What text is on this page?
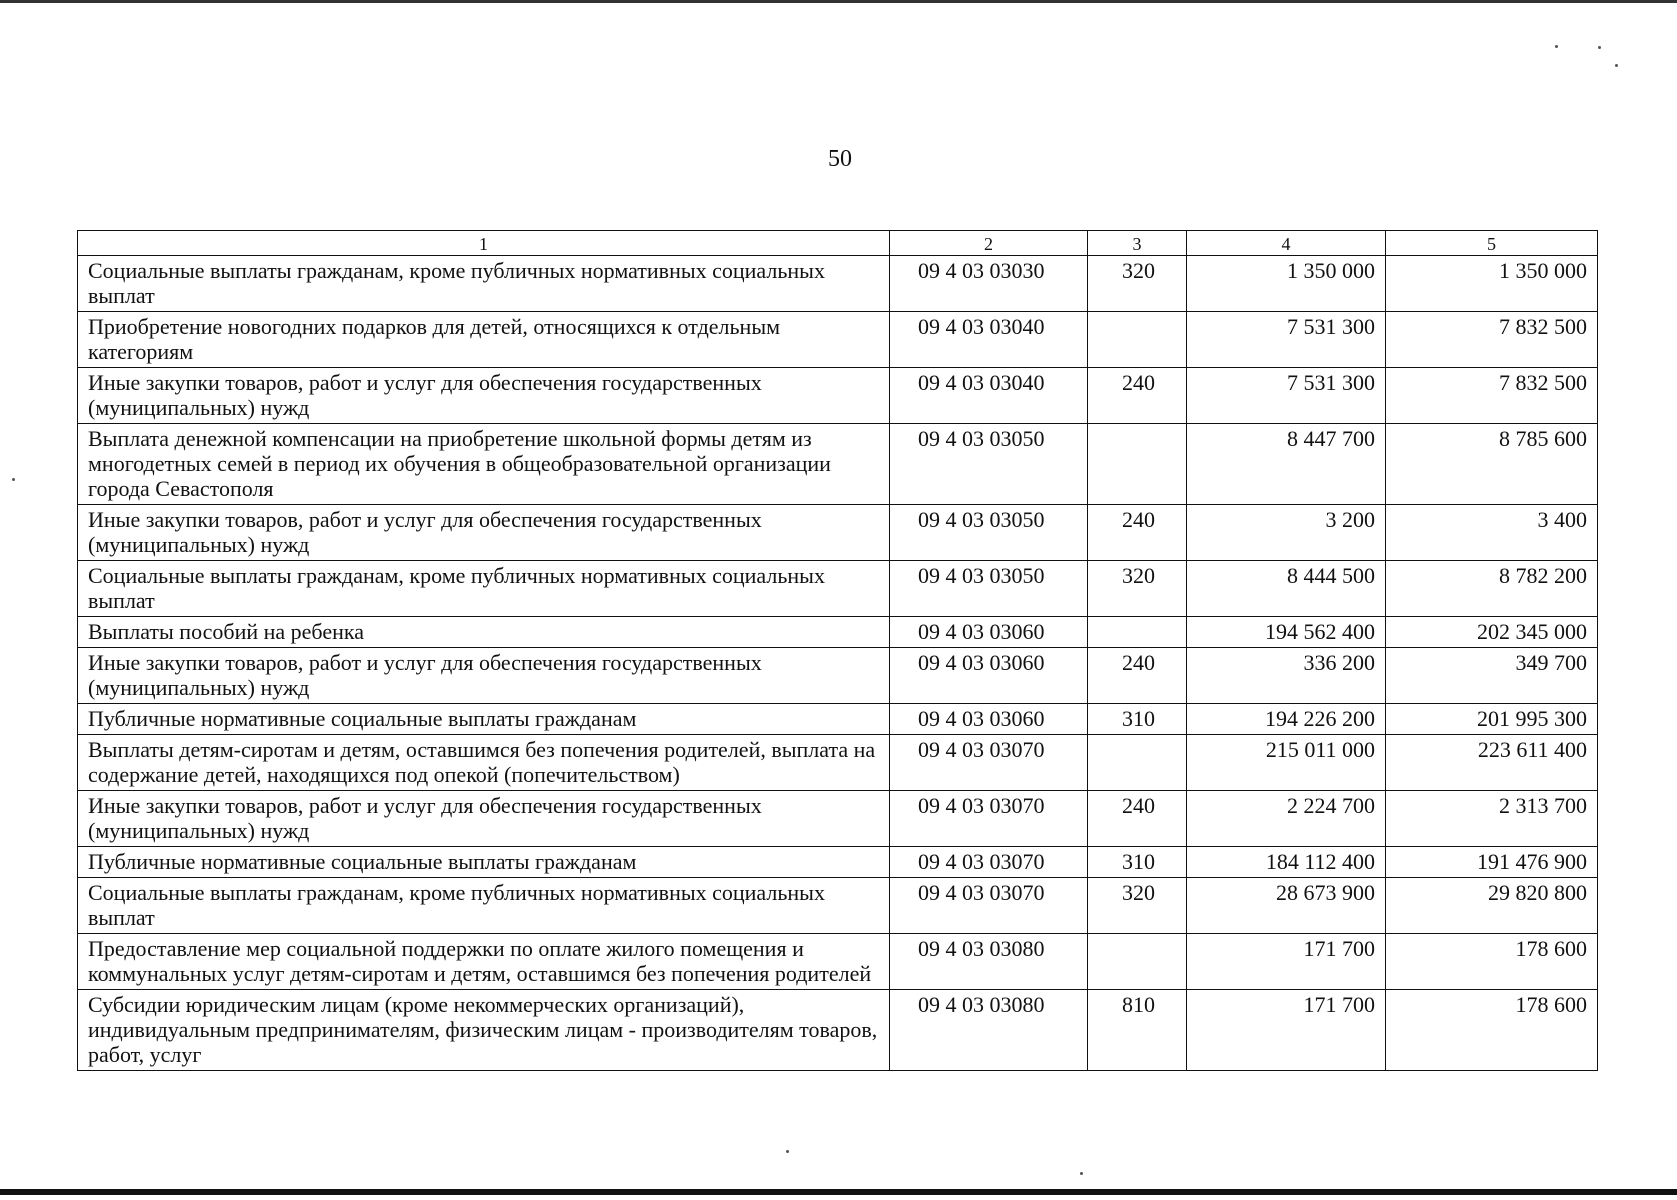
50
1	2	3	4	5
Социальные выплаты гражданам, кроме публичных нормативных социальных выплат	09 4 03 03030	320	1 350 000	1 350 000
Приобретение новогодних подарков для детей, относящихся к отдельным категориям	09 4 03 03040		7 531 300	7 832 500
Иные закупки товаров, работ и услуг для обеспечения государственных (муниципальных) нужд	09 4 03 03040	240	7 531 300	7 832 500
Выплата денежной компенсации на приобретение школьной формы детям из многодетных семей в период их обучения в общеобразовательной организации города Севастополя	09 4 03 03050		8 447 700	8 785 600
Иные закупки товаров, работ и услуг для обеспечения государственных (муниципальных) нужд	09 4 03 03050	240	3 200	3 400
Социальные выплаты гражданам, кроме публичных нормативных социальных выплат	09 4 03 03050	320	8 444 500	8 782 200
Выплаты пособий на ребенка	09 4 03 03060		194 562 400	202 345 000
Иные закупки товаров, работ и услуг для обеспечения государственных (муниципальных) нужд	09 4 03 03060	240	336 200	349 700
Публичные нормативные социальные выплаты гражданам	09 4 03 03060	310	194 226 200	201 995 300
Выплаты детям-сиротам и детям, оставшимся без попечения родителей, выплата на содержание детей, находящихся под опекой (попечительством)	09 4 03 03070		215 011 000	223 611 400
Иные закупки товаров, работ и услуг для обеспечения государственных (муниципальных) нужд	09 4 03 03070	240	2 224 700	2 313 700
Публичные нормативные социальные выплаты гражданам	09 4 03 03070	310	184 112 400	191 476 900
Социальные выплаты гражданам, кроме публичных нормативных социальных выплат	09 4 03 03070	320	28 673 900	29 820 800
Предоставление мер социальной поддержки по оплате жилого помещения и коммунальных услуг детям-сиротам и детям, оставшимся без попечения родителей	09 4 03 03080		171 700	178 600
Субсидии юридическим лицам (кроме некоммерческих организаций), индивидуальным предпринимателям, физическим лицам - производителям товаров, работ, услуг	09 4 03 03080	810	171 700	178 600
